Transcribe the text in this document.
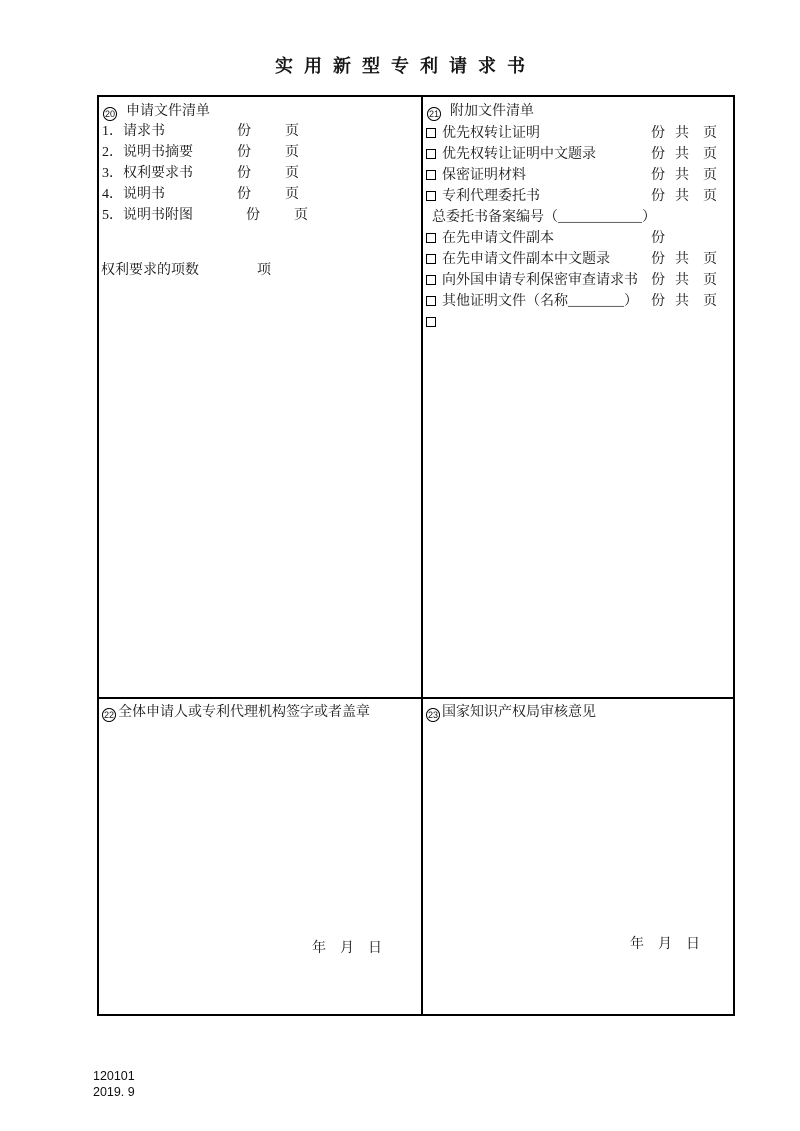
实用新型专利请求书
20 申请文件清单
1．请求书	份 页
2．说明书摘要	份 页
3．权利要求书	份 页
4．说明书	份 页
5．说明书附图	份 页
权利要求的项数	项
21 附加文件清单
优先权转让证明	份 共 页
优先权转让证明中文题录	份 共 页
保密证明材料	份 共 页
专利代理委托书	份 共 页
总委托书备案编号（____________）
在先申请文件副本	份
在先申请文件副本中文题录	份 共 页
向外国申请专利保密审查请求书 份 共 页
其他证明文件（名称________） 份 共 页
22 全体申请人或专利代理机构签字或者盖章
年　月　日
23 国家知识产权局审核意见
年　月　日
120101
2019. 9
